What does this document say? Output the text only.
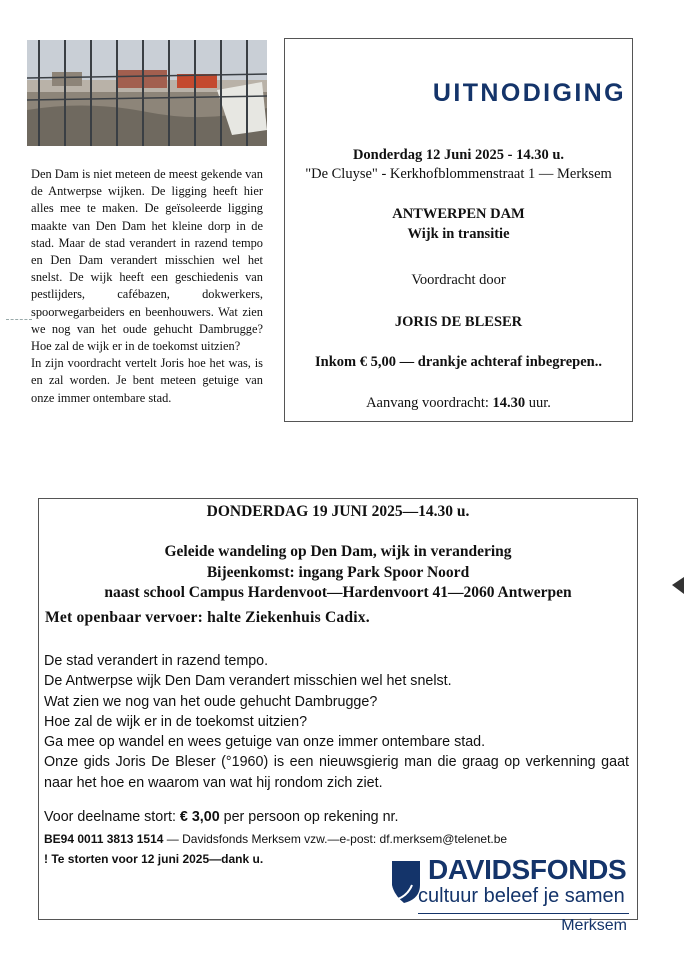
Den Dam is niet meteen de meest gekende van de Antwerpse wijken. De ligging heeft hier alles mee te maken. De geïsoleerde ligging maakte van Den Dam het kleine dorp in de stad. Maar de stad verandert in razend tempo en Den Dam verandert misschien wel het snelst. De wijk heeft een geschiedenis van pestlijders, cafébazen, dokwerkers, spoorwegarbeiders en beenhouwers. Wat zien we nog van het oude gehucht Dambrugge? Hoe zal de wijk er in de toekomst uitzien?

In zijn voordracht vertelt Joris hoe het was, is en zal worden. Je bent meteen getuige van onze immer ontembare stad.

UITNODIGING
Donderdag 12 Juni 2025 - 14.30 u.
"De Cluyse" - Kerkhofblommenstraat 1 — Merksem
ANTWERPEN DAM
Wijk in transitie
Voordracht door
JORIS DE BLESER
Inkom € 5,00 — drankje achteraf inbegrepen..
Aanvang voordracht: 14.30 uur.
DONDERDAG 19 JUNI 2025—14.30 u.
Geleide wandeling op Den Dam, wijk in verandering
Bijeenkomst: ingang Park Spoor Noord
naast school Campus Hardenvoot—Hardenvoort 41—2060 Antwerpen
Met openbaar vervoer: halte Ziekenhuis Cadix.

De stad verandert in razend tempo.

De Antwerpse wijk Den Dam verandert misschien wel het snelst.

Wat zien we nog van het oude gehucht Dambrugge?

Hoe zal de wijk er in de toekomst uitzien?

Ga mee op wandel en wees getuige van onze immer ontembare stad.

Onze gids Joris De Bleser (°1960) is een nieuwsgierig man die graag op verkenning gaat naar het hoe en waarom van wat hij rondom zich ziet.

Voor deelname stort: € 3,00 per persoon op rekening nr.
BE94 0011 3813 1514 — Davidsfonds Merksem vzw.—e-post: df.merksem@telenet.be
! Te storten voor 12 juni 2025—dank u.	DAVIDSFONDS
cultuur beleef je samen
Merksem
